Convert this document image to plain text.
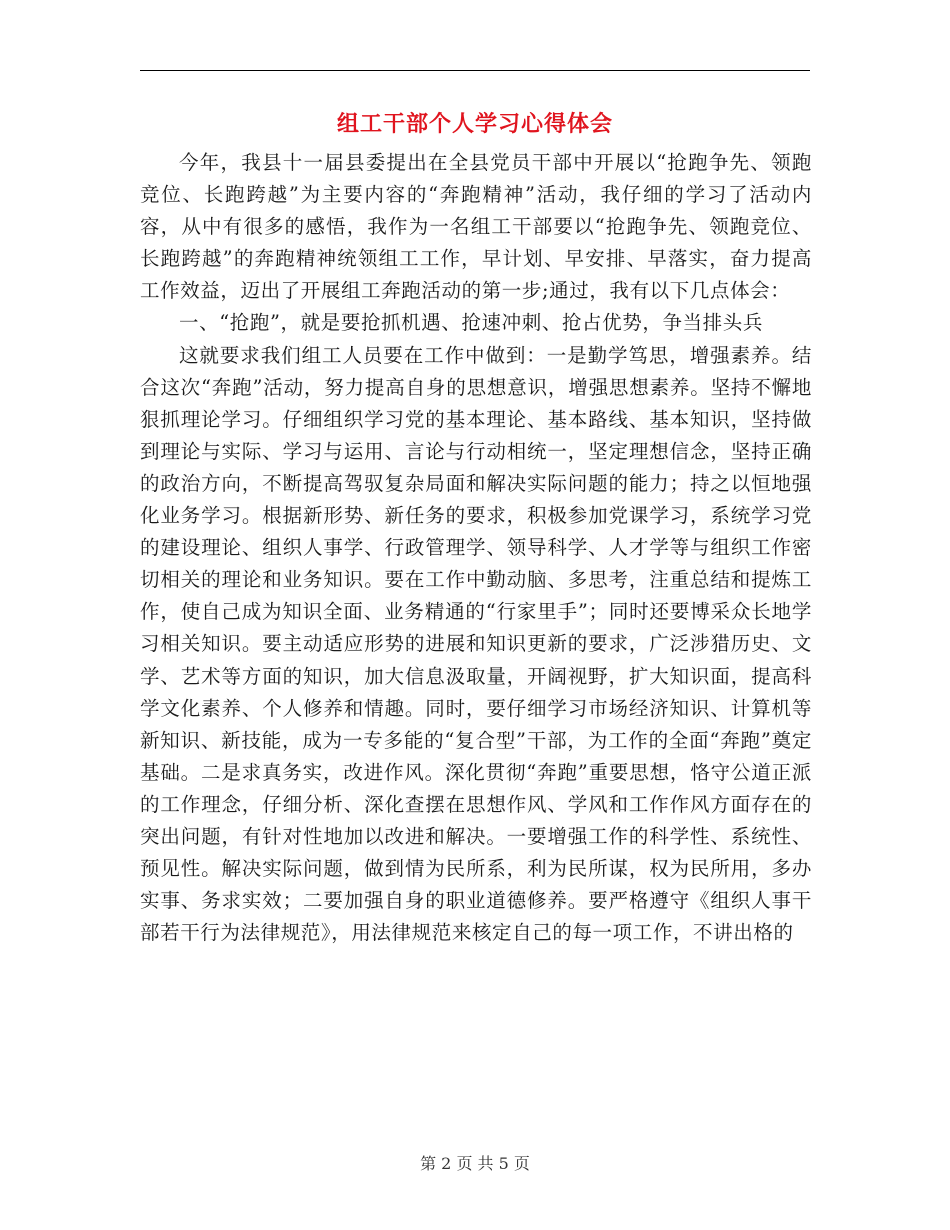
组工干部个人学习心得体会

今年，我县十一届县委提出在全县党员干部中开展以“抢跑争先、领跑竞位、长跑跨越”为主要内容的“奔跑精神”活动，我仔细的学习了活动内容，从中有很多的感悟，我作为一名组工干部要以“抢跑争先、领跑竞位、长跑跨越”的奔跑精神统领组工工作，早计划、早安排、早落实，奋力提高工作效益，迈出了开展组工奔跑活动的第一步;通过，我有以下几点体会：

一、“抢跑”，就是要抢抓机遇、抢速冲刺、抢占优势，争当排头兵

这就要求我们组工人员要在工作中做到：一是勤学笃思，增强素养。结合这次“奔跑”活动，努力提高自身的思想意识，增强思想素养。坚持不懈地狠抓理论学习。仔细组织学习党的基本理论、基本路线、基本知识，坚持做到理论与实际、学习与运用、言论与行动相统一，坚定理想信念，坚持正确的政治方向，不断提高驾驭复杂局面和解决实际问题的能力；持之以恒地强化业务学习。根据新形势、新任务的要求，积极参加党课学习，系统学习党的建设理论、组织人事学、行政管理学、领导科学、人才学等与组织工作密切相关的理论和业务知识。要在工作中勤动脑、多思考，注重总结和提炼工作，使自己成为知识全面、业务精通的“行家里手”；同时还要博采众长地学习相关知识。要主动适应形势的进展和知识更新的要求，广泛涉猎历史、文学、艺术等方面的知识，加大信息汲取量，开阔视野，扩大知识面，提高科学文化素养、个人修养和情趣。同时，要仔细学习市场经济知识、计算机等新知识、新技能，成为一专多能的“复合型”干部，为工作的全面“奔跑”奠定基础。二是求真务实，改进作风。深化贯彻“奔跑”重要思想，恪守公道正派的工作理念，仔细分析、深化查摆在思想作风、学风和工作作风方面存在的突出问题，有针对性地加以改进和解决。一要增强工作的科学性、系统性、预见性。解决实际问题，做到情为民所系，利为民所谋，权为民所用，多办实事、务求实效；二要加强自身的职业道德修养。要严格遵守《组织人事干部若干行为法律规范》，用法律规范来核定自己的每一项工作，不讲出格的

第 2 页 共 5 页
